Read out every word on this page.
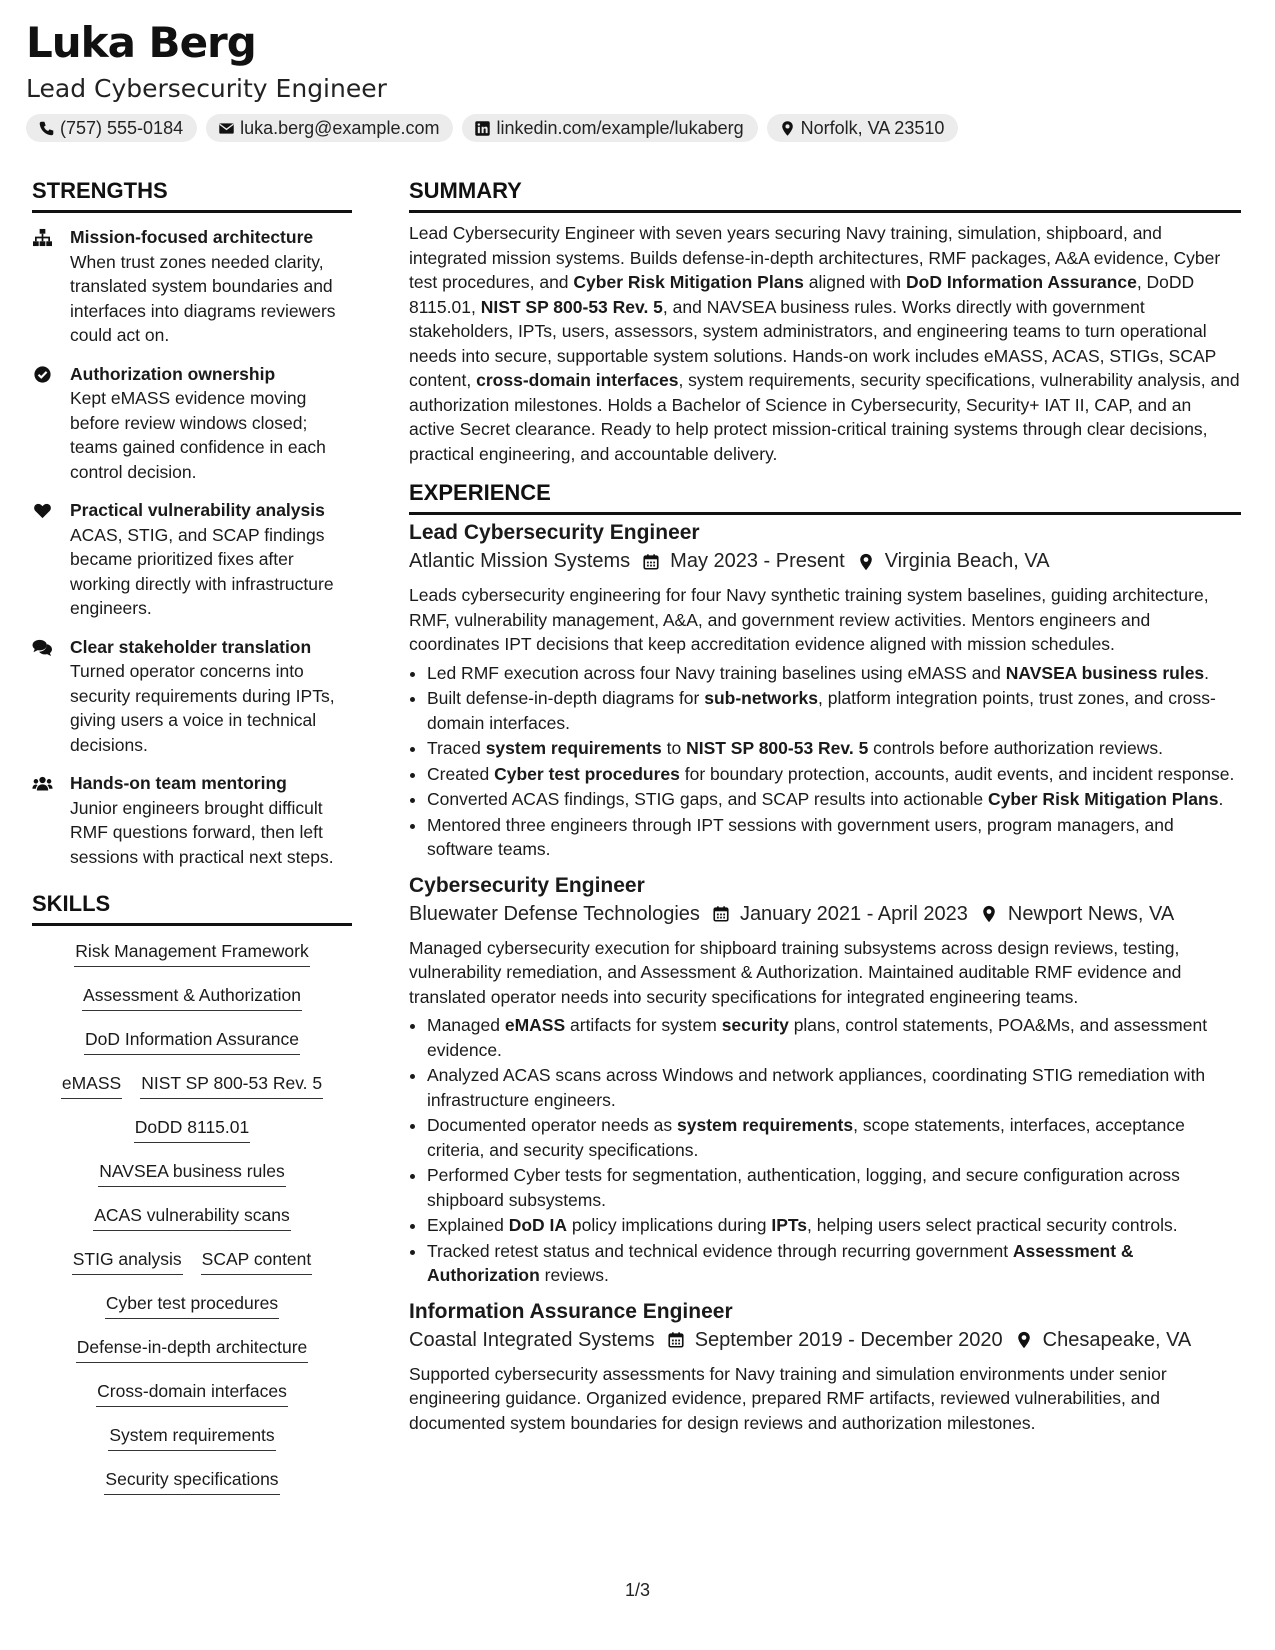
Luka Berg
Lead Cybersecurity Engineer
(757) 555-0184	luka.berg@example.com	linkedin.com/example/lukaberg	Norfolk, VA 23510
STRENGTHS
Mission-focused architecture
When trust zones needed clarity, translated system boundaries and interfaces into diagrams reviewers could act on.
Authorization ownership
Kept eMASS evidence moving before review windows closed; teams gained confidence in each control decision.
Practical vulnerability analysis
ACAS, STIG, and SCAP findings became prioritized fixes after working directly with infrastructure engineers.
Clear stakeholder translation
Turned operator concerns into security requirements during IPTs, giving users a voice in technical decisions.
Hands-on team mentoring
Junior engineers brought difficult RMF questions forward, then left sessions with practical next steps.
SKILLS
Risk Management Framework
Assessment & Authorization
DoD Information Assurance
eMASS NIST SP 800-53 Rev. 5
DoDD 8115.01
NAVSEA business rules
ACAS vulnerability scans
STIG analysis SCAP content
Cyber test procedures
Defense-in-depth architecture
Cross-domain interfaces
System requirements
Security specifications
SUMMARY
Lead Cybersecurity Engineer with seven years securing Navy training, simulation, shipboard, and integrated mission systems. Builds defense-in-depth architectures, RMF packages, A&A evidence, Cyber test procedures, and Cyber Risk Mitigation Plans aligned with DoD Information Assurance, DoDD 8115.01, NIST SP 800-53 Rev. 5, and NAVSEA business rules. Works directly with government stakeholders, IPTs, users, assessors, system administrators, and engineering teams to turn operational needs into secure, supportable system solutions. Hands-on work includes eMASS, ACAS, STIGs, SCAP content, cross-domain interfaces, system requirements, security specifications, vulnerability analysis, and authorization milestones. Holds a Bachelor of Science in Cybersecurity, Security+ IAT II, CAP, and an active Secret clearance. Ready to help protect mission-critical training systems through clear decisions, practical engineering, and accountable delivery.
EXPERIENCE
Lead Cybersecurity Engineer
Atlantic Mission Systems May 2023 - Present Virginia Beach, VA
Leads cybersecurity engineering for four Navy synthetic training system baselines, guiding architecture, RMF, vulnerability management, A&A, and government review activities. Mentors engineers and coordinates IPT decisions that keep accreditation evidence aligned with mission schedules.
• Led RMF execution across four Navy training baselines using eMASS and NAVSEA business rules.
• Built defense-in-depth diagrams for sub-networks, platform integration points, trust zones, and cross-domain interfaces.
• Traced system requirements to NIST SP 800-53 Rev. 5 controls before authorization reviews.
• Created Cyber test procedures for boundary protection, accounts, audit events, and incident response.
• Converted ACAS findings, STIG gaps, and SCAP results into actionable Cyber Risk Mitigation Plans.
• Mentored three engineers through IPT sessions with government users, program managers, and software teams.
Cybersecurity Engineer
Bluewater Defense Technologies January 2021 - April 2023 Newport News, VA
Managed cybersecurity execution for shipboard training subsystems across design reviews, testing, vulnerability remediation, and Assessment & Authorization. Maintained auditable RMF evidence and translated operator needs into security specifications for integrated engineering teams.
• Managed eMASS artifacts for system security plans, control statements, POA&Ms, and assessment evidence.
• Analyzed ACAS scans across Windows and network appliances, coordinating STIG remediation with infrastructure engineers.
• Documented operator needs as system requirements, scope statements, interfaces, acceptance criteria, and security specifications.
• Performed Cyber tests for segmentation, authentication, logging, and secure configuration across shipboard subsystems.
• Explained DoD IA policy implications during IPTs, helping users select practical security controls.
• Tracked retest status and technical evidence through recurring government Assessment & Authorization reviews.
Information Assurance Engineer
Coastal Integrated Systems September 2019 - December 2020 Chesapeake, VA
Supported cybersecurity assessments for Navy training and simulation environments under senior engineering guidance. Organized evidence, prepared RMF artifacts, reviewed vulnerabilities, and documented system boundaries for design reviews and authorization milestones.
1/3
